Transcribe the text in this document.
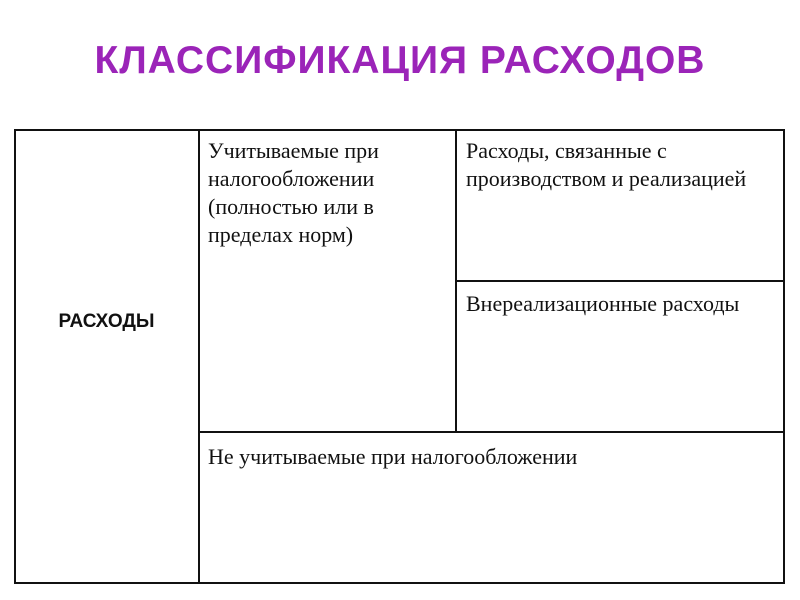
КЛАССИФИКАЦИЯ РАСХОДОВ
РАСХОДЫ
Учитываемые при налогообложении (полностью или в пределах норм)
Расходы, связанные с производством и реализацией
Внереализационные расходы
Не учитываемые при налогообложении
